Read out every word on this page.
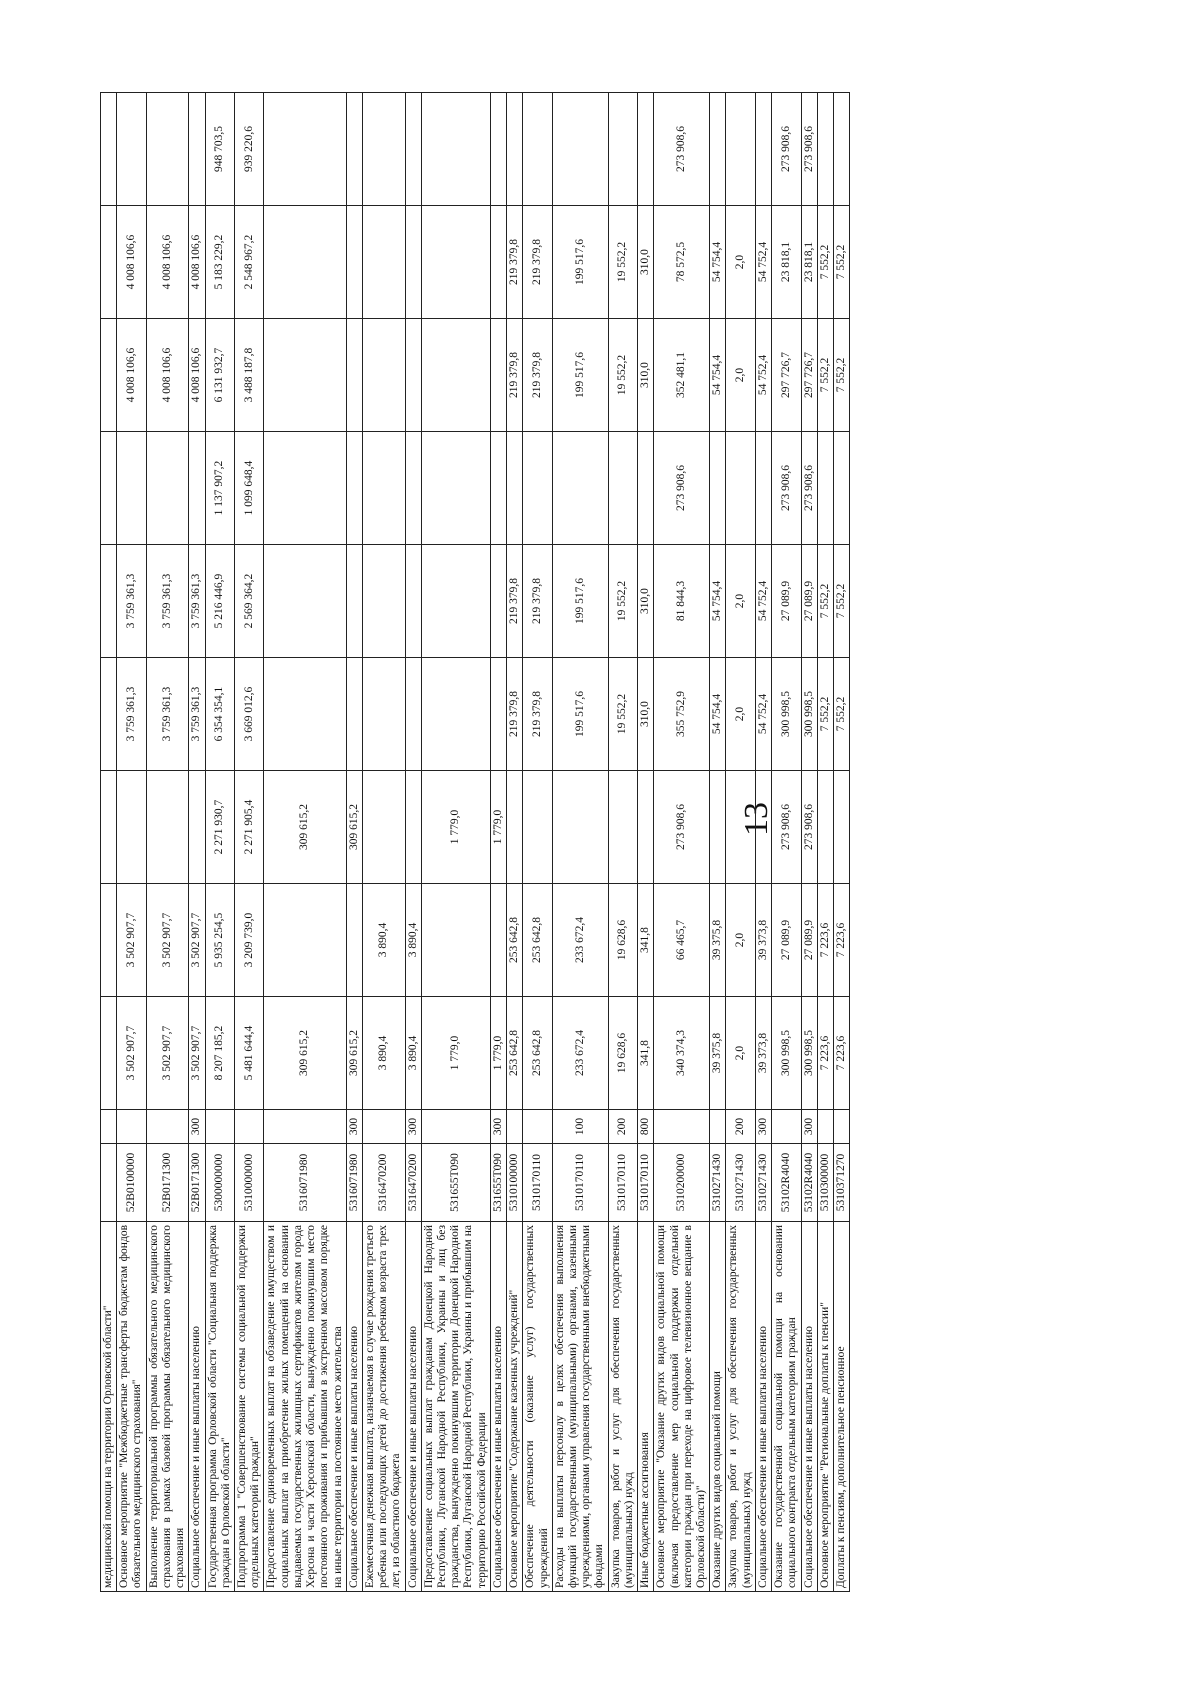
13
медицинской помощи на территории Орловской области"											
Основное мероприятие "Межбюджетные трансферты бюджетам фондов обязательного медицинского страхования"	52В0100000		3 502 907,7	3 502 907,7		3 759 361,3	3 759 361,3		4 008 106,6	4 008 106,6	
Выполнение территориальной программы обязательного медицинского страхования в рамках базовой программы обязательного медицинского страхования	52В0171300		3 502 907,7	3 502 907,7		3 759 361,3	3 759 361,3		4 008 106,6	4 008 106,6	
Социальное обеспечение и иные выплаты населению	52В0171300	300	3 502 907,7	3 502 907,7		3 759 361,3	3 759 361,3		4 008 106,6	4 008 106,6	
Государственная программа Орловской области "Социальная поддержка граждан в Орловской области"	5300000000		8 207 185,2	5 935 254,5	2 271 930,7	6 354 354,1	5 216 446,9	1 137 907,2	6 131 932,7	5 183 229,2	948 703,5
Подпрограмма 1 "Совершенствование системы социальной поддержки отдельных категорий граждан"	5310000000		5 481 644,4	3 209 739,0	2 271 905,4	3 669 012,6	2 569 364,2	1 099 648,4	3 488 187,8	2 548 967,2	939 220,6
Предоставление единовременных выплат на обзаведение имуществом и социальных выплат на приобретение жилых помещений на основании выдаваемых государственных жилищных сертификатов жителям города Херсона и части Херсонской области, вынужденно покинувшим место постоянного проживания и прибывшим в экстренном массовом порядке на иные территории на постоянное место жительства	5316071980		309 615,2		309 615,2						
Социальное обеспечение и иные выплаты населению	5316071980	300	309 615,2		309 615,2						
Ежемесячная денежная выплата, назначаемая в случае рождения третьего ребенка или последующих детей до достижения ребенком возраста трех лет, из областного бюджета	5316470200		3 890,4	3 890,4							
Социальное обеспечение и иные выплаты населению	5316470200	300	3 890,4	3 890,4							
Предоставление социальных выплат гражданам Донецкой Народной Республики, Луганской Народной Республики, Украины и лиц без гражданства, вынужденно покинувшим территории Донецкой Народной Республики, Луганской Народной Республики, Украины и прибывшим на территорию Российской Федерации	531655Т090		1 779,0		1 779,0						
Социальное обеспечение и иные выплаты населению	531655Т090	300	1 779,0		1 779,0						
Основное мероприятие "Содержание казенных учреждений"	5310100000		253 642,8	253 642,8		219 379,8	219 379,8		219 379,8	219 379,8	
Обеспечение деятельности (оказание услуг) государственных учреждений	5310170110		253 642,8	253 642,8		219 379,8	219 379,8		219 379,8	219 379,8	
Расходы на выплаты персоналу в целях обеспечения выполнения функций государственными (муниципальными) органами, казенными учреждениями, органами управления государственными внебюджетными фондами	5310170110	100	233 672,4	233 672,4		199 517,6	199 517,6		199 517,6	199 517,6	
Закупка товаров, работ и услуг для обеспечения государственных (муниципальных) нужд	5310170110	200	19 628,6	19 628,6		19 552,2	19 552,2		19 552,2	19 552,2	
Иные бюджетные ассигнования	5310170110	800	341,8	341,8		310,0	310,0		310,0	310,0	
Основное мероприятие "Оказание других видов социальной помощи (включая предоставление мер социальной поддержки отдельной категории граждан при переходе на цифровое телевизионное вещание в Орловской области)"	5310200000		340 374,3	66 465,7	273 908,6	355 752,9	81 844,3	273 908,6	352 481,1	78 572,5	273 908,6
Оказание других видов социальной помощи	5310271430		39 375,8	39 375,8		54 754,4	54 754,4		54 754,4	54 754,4	
Закупка товаров, работ и услуг для обеспечения государственных (муниципальных) нужд	5310271430	200	2,0	2,0		2,0	2,0		2,0	2,0	
Социальное обеспечение и иные выплаты населению	5310271430	300	39 373,8	39 373,8		54 752,4	54 752,4		54 752,4	54 752,4	
Оказание государственной социальной помощи на основании социального контракта отдельным категориям граждан	53102R4040		300 998,5	27 089,9	273 908,6	300 998,5	27 089,9	273 908,6	297 726,7	23 818,1	273 908,6
Социальное обеспечение и иные выплаты населению	53102R4040	300	300 998,5	27 089,9	273 908,6	300 998,5	27 089,9	273 908,6	297 726,7	23 818,1	273 908,6
Основное мероприятие "Региональные доплаты к пенсии"	5310300000		7 223,6	7 223,6		7 552,2	7 552,2		7 552,2	7 552,2	
Доплаты к пенсиям, дополнительное пенсионное	5310371270		7 223,6	7 223,6		7 552,2	7 552,2		7 552,2	7 552,2	
